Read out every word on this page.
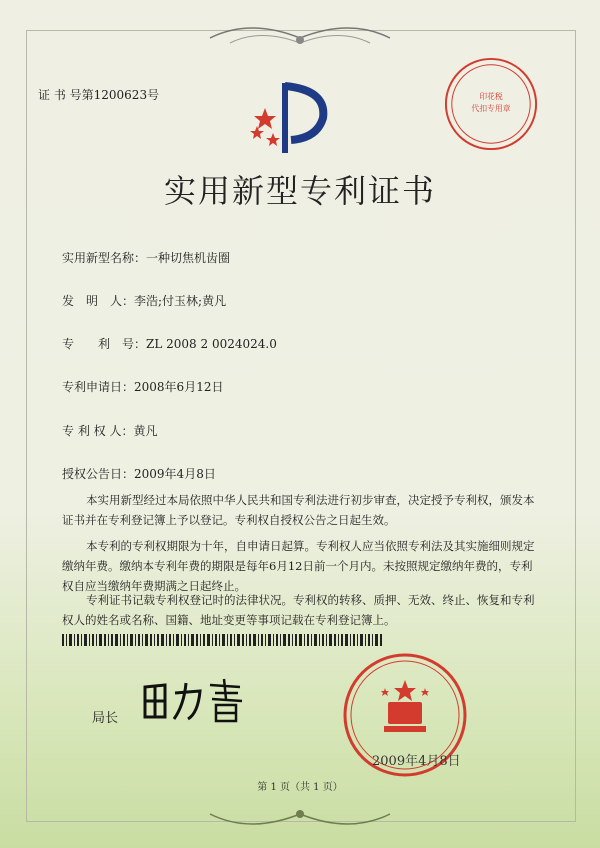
证 书 号第1200623号	印花税
代扣专用章
实用新型专利证书
实用新型名称：一种切焦机齿圈
发　明　人：李浩;付玉林;黄凡
专　　利　号：ZL 2008 2 0024024.0
专利申请日：2008年6月12日
专 利 权 人：黄凡
授权公告日：2009年4月8日
本实用新型经过本局依照中华人民共和国专利法进行初步审查，决定授予专利权，颁发本证书并在专利登记簿上予以登记。专利权自授权公告之日起生效。
本专利的专利权期限为十年，自申请日起算。专利权人应当依照专利法及其实施细则规定缴纳年费。缴纳本专利年费的期限是每年6月12日前一个月内。未按照规定缴纳年费的，专利权自应当缴纳年费期满之日起终止。
专利证书记载专利权登记时的法律状况。专利权的转移、质押、无效、终止、恢复和专利权人的姓名或名称、国籍、地址变更等事项记载在专利登记簿上。
局长
2009年4月8日
第 1 页（共 1 页）
